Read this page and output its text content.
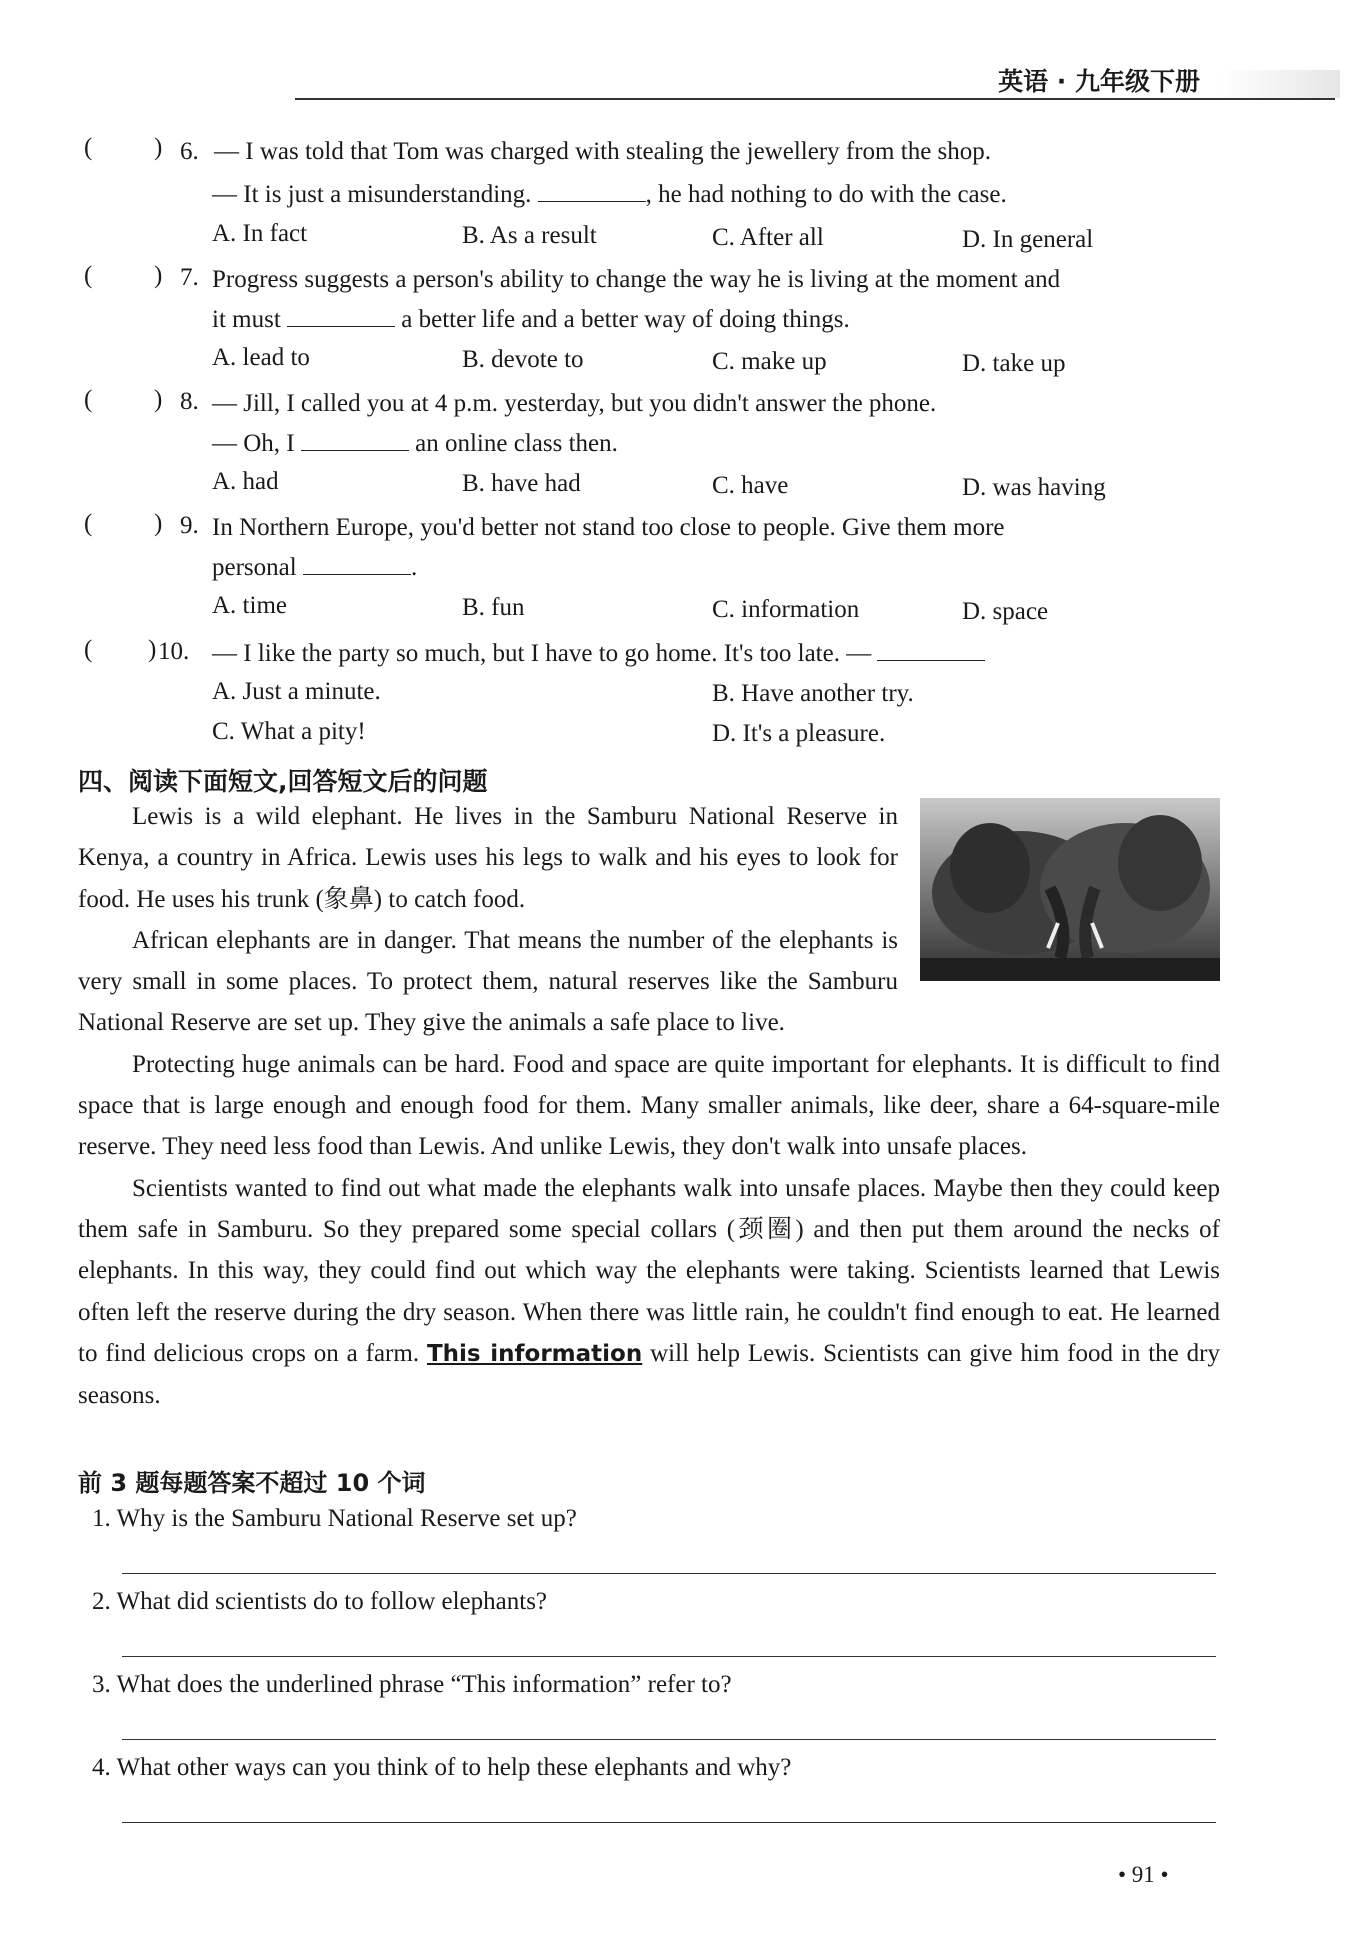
英语 · 九年级下册
( ) 6. — I was told that Tom was charged with stealing the jewellery from the shop.
— It is just a misunderstanding.	, he had nothing to do with the case.
A. In fact	B. As a result	C. After all	D. In general
( ) 7. Progress suggests a person's ability to change the way he is living at the moment and
it must	a better life and a better way of doing things.
A. lead to	B. devote to	C. make up	D. take up
( ) 8. — Jill, I called you at 4 p.m. yesterday, but you didn't answer the phone.
— Oh, I	an online class then.
A. had	B. have had	C. have	D. was having
( ) 9. In Northern Europe, you'd better not stand too close to people. Give them more
personal	.
A. time	B. fun	C. information	D. space
( ) 10. — I like the party so much, but I have to go home. It's too late. —
A. Just a minute.	B. Have another try.
C. What a pity!	D. It's a pleasure.
四、阅读下面短文,回答短文后的问题

Lewis is a wild elephant. He lives in the Samburu National Reserve in Kenya, a country in Africa. Lewis uses his legs to walk and his eyes to look for food. He uses his trunk (象鼻) to catch food.

African elephants are in danger. That means the number of the elephants is very small in some places. To protect them, natural reserves like the Samburu National Reserve are set up. They give the animals a safe place to live.

Protecting huge animals can be hard. Food and space are quite important for elephants. It is difficult to find space that is large enough and enough food for them. Many smaller animals, like deer, share a 64-square-mile reserve. They need less food than Lewis. And unlike Lewis, they don't walk into unsafe places.

Scientists wanted to find out what made the elephants walk into unsafe places. Maybe then they could keep them safe in Samburu. So they prepared some special collars (颈圈) and then put them around the necks of elephants. In this way, they could find out which way the elephants were taking. Scientists learned that Lewis often left the reserve during the dry season. When there was little rain, he couldn't find enough to eat. He learned to find delicious crops on a farm. This information will help Lewis. Scientists can give him food in the dry seasons.

前 3 题每题答案不超过 10 个词
1. Why is the Samburu National Reserve set up?
2. What did scientists do to follow elephants?
3. What does the underlined phrase “This information” refer to?
4. What other ways can you think of to help these elephants and why?
• 91 •
